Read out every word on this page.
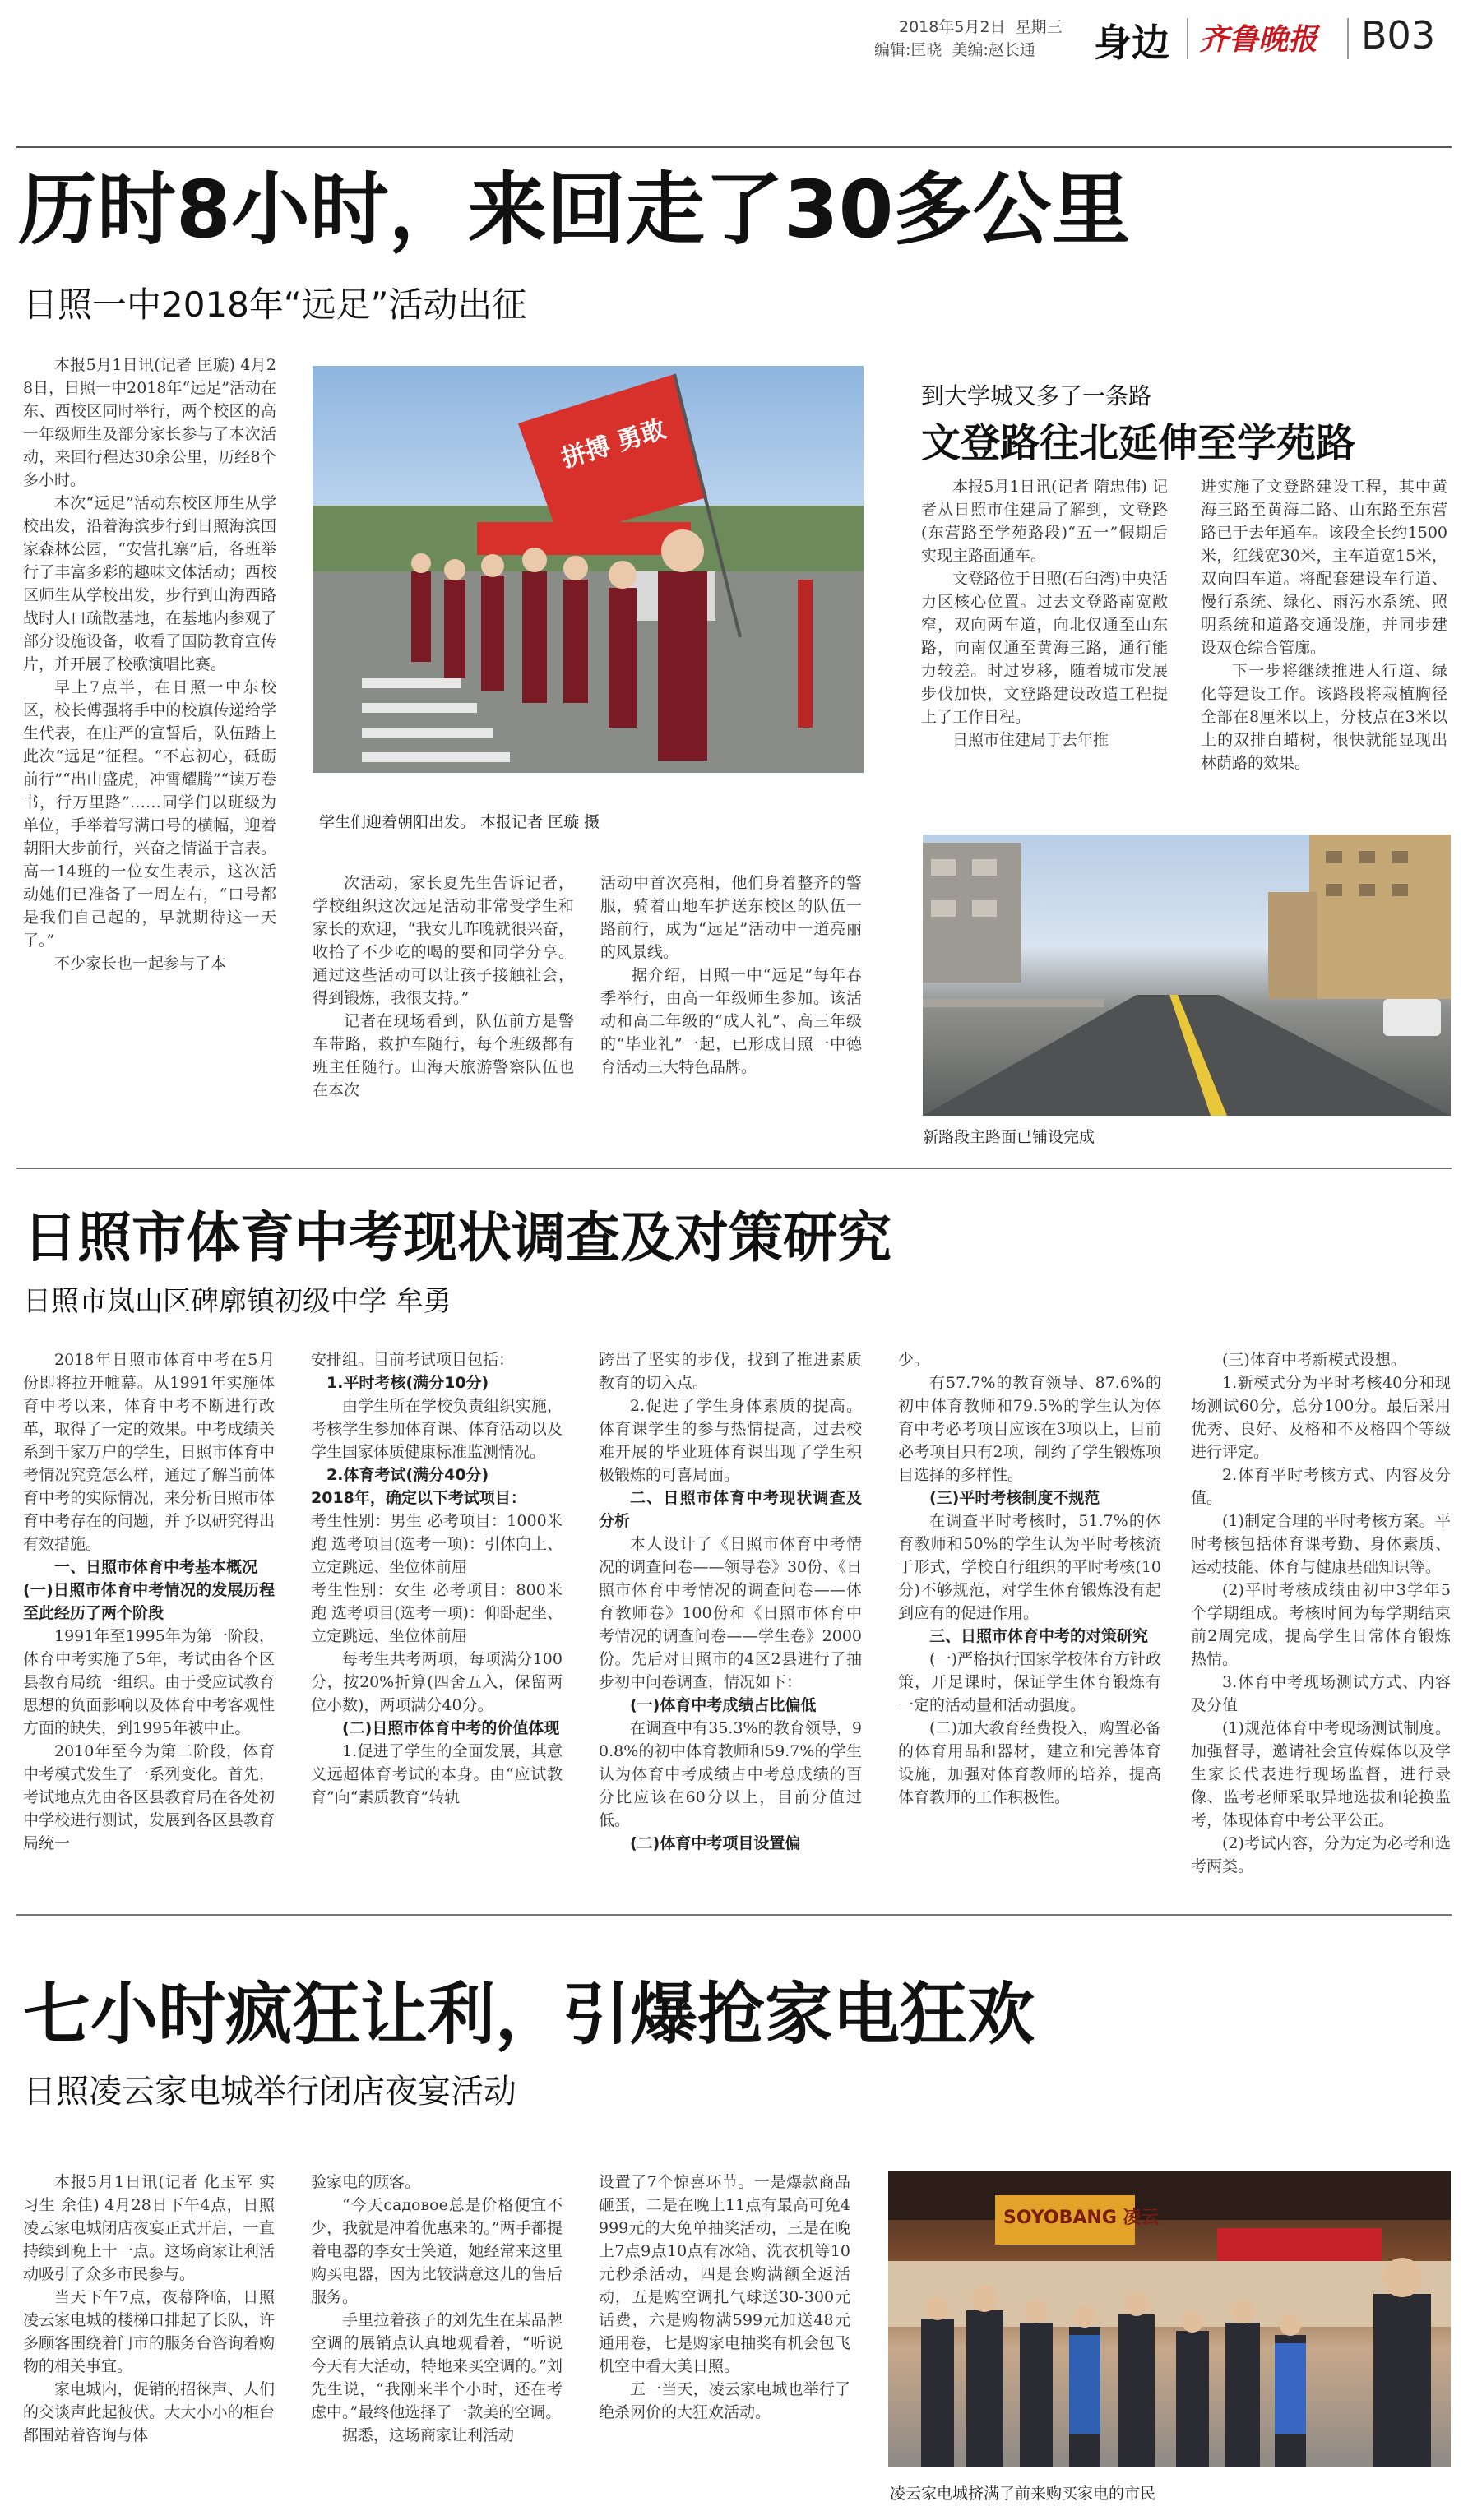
2018年5月2日 星期三
编辑:匡晓 美编:赵长通 身边 齐鲁晚报 B03
历时8小时，来回走了30多公里
日照一中2018年“远足”活动出征

本报5月1日讯(记者 匡璇) 4月28日，日照一中2018年“远足”活动在东、西校区同时举行，两个校区的高一年级师生及部分家长参与了本次活动，来回行程达30余公里，历经8个多小时。

本次“远足”活动东校区师生从学校出发，沿着海滨步行到日照海滨国家森林公园，“安营扎寨”后，各班举行了丰富多彩的趣味文体活动；西校区师生从学校出发，步行到山海西路战时人口疏散基地，在基地内参观了部分设施设备，收看了国防教育宣传片，并开展了校歌演唱比赛。

早上7点半，在日照一中东校区，校长傅强将手中的校旗传递给学生代表，在庄严的宣誓后，队伍踏上此次“远足”征程。“不忘初心，砥砺前行”“出山盛虎，冲霄耀腾”“读万卷书，行万里路”……同学们以班级为单位，手举着写满口号的横幅，迎着朝阳大步前行，兴奋之情溢于言表。高一14班的一位女生表示，这次活动她们已准备了一周左右，“口号都是我们自己起的，早就期待这一天了。”

不少家长也一起参与了本

拼搏 勇敢
学生们迎着朝阳出发。 本报记者 匡璇 摄

次活动，家长夏先生告诉记者，学校组织这次远足活动非常受学生和家长的欢迎，“我女儿昨晚就很兴奋，收拾了不少吃的喝的要和同学分享。通过这些活动可以让孩子接触社会，得到锻炼，我很支持。”

记者在现场看到，队伍前方是警车带路，救护车随行，每个班级都有班主任随行。山海天旅游警察队伍也在本次

活动中首次亮相，他们身着整齐的警服，骑着山地车护送东校区的队伍一路前行，成为“远足”活动中一道亮丽的风景线。

据介绍，日照一中“远足”每年春季举行，由高一年级师生参加。该活动和高二年级的“成人礼”、高三年级的“毕业礼”一起，已形成日照一中德育活动三大特色品牌。

到大学城又多了一条路
文登路往北延伸至学苑路

本报5月1日讯(记者 隋忠伟) 记者从日照市住建局了解到，文登路(东营路至学苑路段)“五一”假期后实现主路面通车。

文登路位于日照(石臼湾)中央活力区核心位置。过去文登路南宽敞窄，双向两车道，向北仅通至山东路，向南仅通至黄海三路，通行能力较差。时过岁移，随着城市发展步伐加快，文登路建设改造工程提上了工作日程。

日照市住建局于去年推

进实施了文登路建设工程，其中黄海三路至黄海二路、山东路至东营路已于去年通车。该段全长约1500米，红线宽30米，主车道宽15米，双向四车道。将配套建设车行道、慢行系统、绿化、雨污水系统、照明系统和道路交通设施，并同步建设双仓综合管廊。

下一步将继续推进人行道、绿化等建设工作。该路段将栽植胸径全部在8厘米以上，分枝点在3米以上的双排白蜡树，很快就能显现出林荫路的效果。

新路段主路面已铺设完成
日照市体育中考现状调查及对策研究
日照市岚山区碑廓镇初级中学 牟勇

2018年日照市体育中考在5月份即将拉开帷幕。从1991年实施体育中考以来，体育中考不断进行改革，取得了一定的效果。中考成绩关系到千家万户的学生，日照市体育中考情况究竟怎么样，通过了解当前体育中考的实际情况，来分析日照市体育中考存在的问题，并予以研究得出有效措施。

一、日照市体育中考基本概况

(一)日照市体育中考情况的发展历程至此经历了两个阶段

1991年至1995年为第一阶段，体育中考实施了5年，考试由各个区县教育局统一组织。由于受应试教育思想的负面影响以及体育中考客观性方面的缺失，到1995年被中止。

2010年至今为第二阶段，体育中考模式发生了一系列变化。首先，考试地点先由各区县教育局在各处初中学校进行测试，发展到各区县教育局统一

安排组。目前考试项目包括：

1.平时考核(满分10分)

由学生所在学校负责组织实施，考核学生参加体育课、体育活动以及学生国家体质健康标准监测情况。

2.体育考试(满分40分)

2018年，确定以下考试项目：

考生性别：男生 必考项目：1000米跑 选考项目(选考一项)：引体向上、立定跳远、坐位体前屈

考生性别：女生 必考项目：800米跑 选考项目(选考一项)：仰卧起坐、立定跳远、坐位体前屈

每考生共考两项，每项满分100分，按20%折算(四舍五入，保留两位小数)，两项满分40分。

(二)日照市体育中考的价值体现

1.促进了学生的全面发展，其意义远超体育考试的本身。由“应试教育”向“素质教育”转轨

跨出了坚实的步伐，找到了推进素质教育的切入点。

2.促进了学生身体素质的提高。体育课学生的参与热情提高，过去校难开展的毕业班体育课出现了学生积极锻炼的可喜局面。

二、日照市体育中考现状调查及分析

本人设计了《日照市体育中考情况的调查问卷——领导卷》30份、《日照市体育中考情况的调查问卷——体育教师卷》100份和《日照市体育中考情况的调查问卷——学生卷》2000份。先后对日照市的4区2县进行了抽步初中问卷调查，情况如下：

(一)体育中考成绩占比偏低

在调查中有35.3%的教育领导，90.8%的初中体育教师和59.7%的学生认为体育中考成绩占中考总成绩的百分比应该在60分以上，目前分值过低。

(二)体育中考项目设置偏

少。

有57.7%的教育领导、87.6%的初中体育教师和79.5%的学生认为体育中考必考项目应该在3项以上，目前必考项目只有2项，制约了学生锻炼项目选择的多样性。

(三)平时考核制度不规范

在调查平时考核时，51.7%的体育教师和50%的学生认为平时考核流于形式，学校自行组织的平时考核(10分)不够规范，对学生体育锻炼没有起到应有的促进作用。

三、日照市体育中考的对策研究

(一)严格执行国家学校体育方针政策，开足课时，保证学生体育锻炼有一定的活动量和活动强度。

(二)加大教育经费投入，购置必备的体育用品和器材，建立和完善体育设施，加强对体育教师的培养，提高体育教师的工作积极性。

(三)体育中考新模式设想。

1.新模式分为平时考核40分和现场测试60分，总分100分。最后采用优秀、良好、及格和不及格四个等级进行评定。

2.体育平时考核方式、内容及分值。

(1)制定合理的平时考核方案。平时考核包括体育课考勤、身体素质、运动技能、体育与健康基础知识等。

(2)平时考核成绩由初中3学年5个学期组成。考核时间为每学期结束前2周完成，提高学生日常体育锻炼热情。

3.体育中考现场测试方式、内容及分值

(1)规范体育中考现场测试制度。加强督导，邀请社会宣传媒体以及学生家长代表进行现场监督，进行录像、监考老师采取异地选拔和轮换监考，体现体育中考公平公正。

(2)考试内容，分为定为必考和选考两类。

七小时疯狂让利，引爆抢家电狂欢
日照凌云家电城举行闭店夜宴活动

本报5月1日讯(记者 化玉军 实习生 余佳) 4月28日下午4点，日照凌云家电城闭店夜宴正式开启，一直持续到晚上十一点。这场商家让利活动吸引了众多市民参与。

当天下午7点，夜幕降临，日照凌云家电城的楼梯口排起了长队，许多顾客围绕着门市的服务台咨询着购物的相关事宜。

家电城内，促销的招徕声、人们的交谈声此起彼伏。大大小小的柜台都围站着咨询与体

验家电的顾客。

“今天садовое总是价格便宜不少，我就是冲着优惠来的。”两手都提着电器的李女士笑道，她经常来这里购买电器，因为比较满意这儿的售后服务。

手里拉着孩子的刘先生在某品牌空调的展销点认真地观看着，“听说今天有大活动，特地来买空调的。”刘先生说，“我刚来半个小时，还在考虑中。”最终他选择了一款美的空调。

据悉，这场商家让利活动

设置了7个惊喜环节。一是爆款商品砸蛋，二是在晚上11点有最高可免4999元的大免单抽奖活动，三是在晚上7点9点10点有冰箱、洗衣机等10元秒杀活动，四是套购满额全返活动，五是购空调扎气球送30-300元话费，六是购物满599元加送48元通用卷，七是购家电抽奖有机会包飞机空中看大美日照。

五一当天，凌云家电城也举行了绝杀网价的大狂欢活动。

SOYOBANG 凌云
凌云家电城挤满了前来购买家电的市民
